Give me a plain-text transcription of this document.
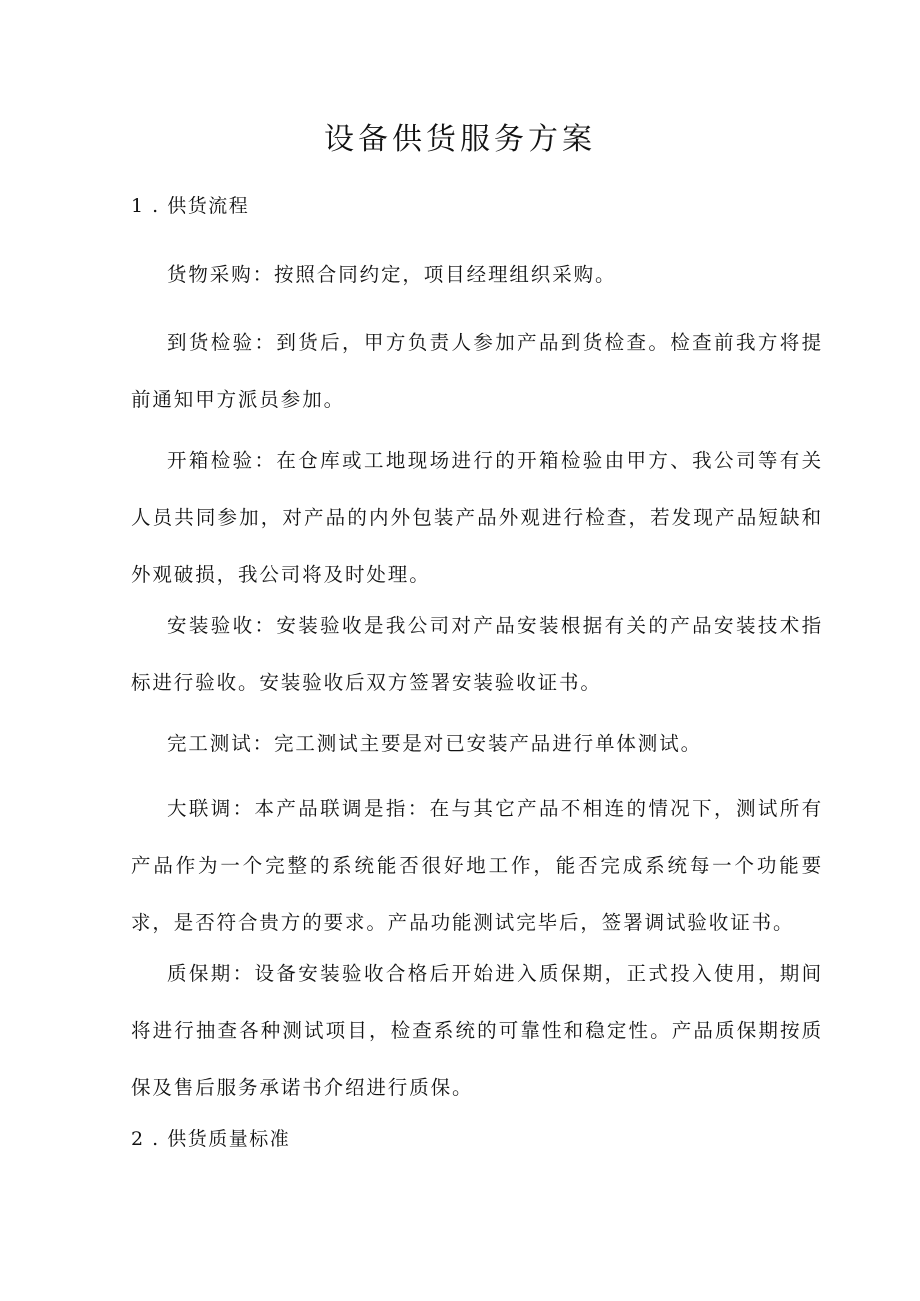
设备供货服务方案

1 . 供货流程

货物采购：按照合同约定，项目经理组织采购。

到货检验：到货后，甲方负责人参加产品到货检查。检查前我方将提前通知甲方派员参加。

开箱检验：在仓库或工地现场进行的开箱检验由甲方、我公司等有关人员共同参加，对产品的内外包装产品外观进行检查，若发现产品短缺和外观破损，我公司将及时处理。

安装验收：安装验收是我公司对产品安装根据有关的产品安装技术指标进行验收。安装验收后双方签署安装验收证书。

完工测试：完工测试主要是对已安装产品进行单体测试。

大联调：本产品联调是指：在与其它产品不相连的情况下，测试所有产品作为一个完整的系统能否很好地工作，能否完成系统每一个功能要求，是否符合贵方的要求。产品功能测试完毕后，签署调试验收证书。

质保期：设备安装验收合格后开始进入质保期，正式投入使用，期间将进行抽查各种测试项目，检查系统的可靠性和稳定性。产品质保期按质保及售后服务承诺书介绍进行质保。

2 . 供货质量标准
